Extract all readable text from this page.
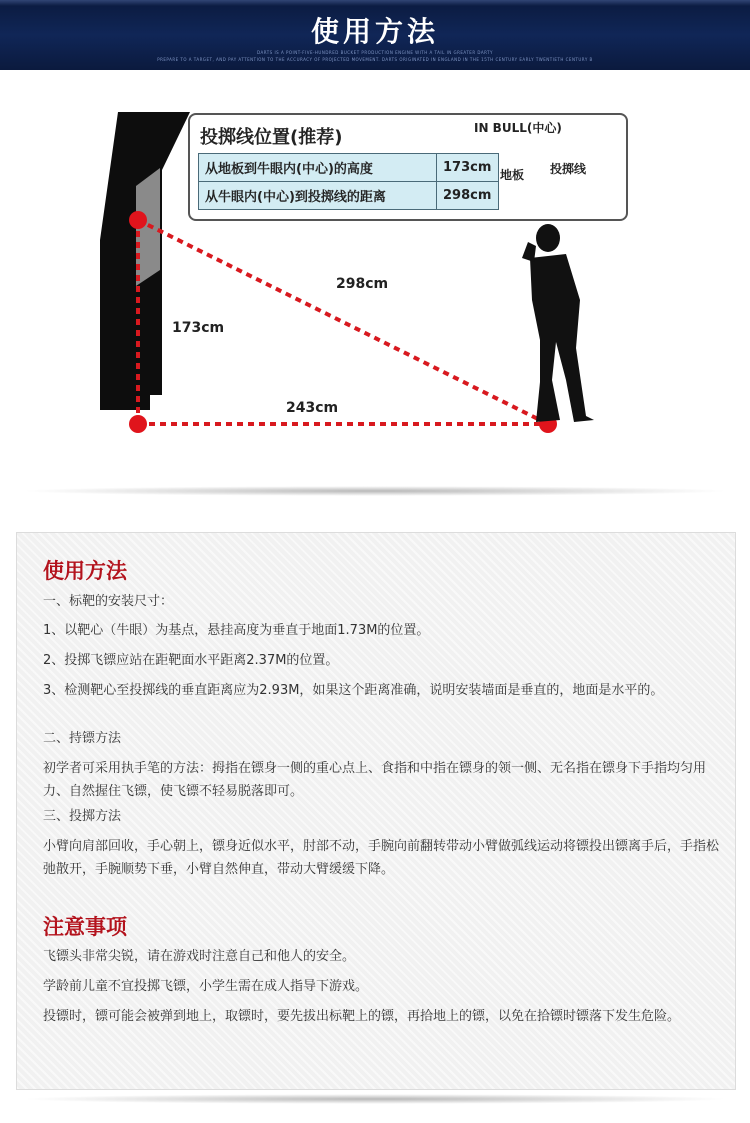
使用方法
DARTS IS A POINT-FIVE-HUNDRED BUCKET PRODUCTION ENGINE WITH A TAIL IN GREATER DARTY
PREPARE TO A TARGET, AND PAY ATTENTION TO THE ACCURACY OF PROJECTED MOVEMENT. DARTS ORIGINATED IN ENGLAND IN THE 15TH CENTURY EARLY TWENTIETH CENTURY B
投掷线位置(推荐)
从地板到牛眼内(中心)的高度	173cm
从牛眼内(中心)到投掷线的距离	298cm
IN BULL(中心)
地板 投掷线
298cm
173cm
243cm
使用方法
一、标靶的安装尺寸：
1、以靶心（牛眼）为基点，悬挂高度为垂直于地面1.73M的位置。
2、投掷飞镖应站在距靶面水平距离2.37M的位置。
3、检测靶心至投掷线的垂直距离应为2.93M，如果这个距离准确，说明安装墙面是垂直的，地面是水平的。
二、持镖方法
初学者可采用执手笔的方法：拇指在镖身一侧的重心点上、食指和中指在镖身的领一侧、无名指在镖身下手指均匀用力、自然握住飞镖，使飞镖不轻易脱落即可。
三、投掷方法
小臂向肩部回收，手心朝上，镖身近似水平，肘部不动，手腕向前翻转带动小臂做弧线运动将镖投出镖离手后，手指松弛散开，手腕顺势下垂，小臂自然伸直，带动大臂缓缓下降。
注意事项
飞镖头非常尖锐，请在游戏时注意自己和他人的安全。
学龄前儿童不宜投掷飞镖，小学生需在成人指导下游戏。
投镖时，镖可能会被弹到地上，取镖时，要先拔出标靶上的镖，再拾地上的镖，以免在拾镖时镖落下发生危险。
